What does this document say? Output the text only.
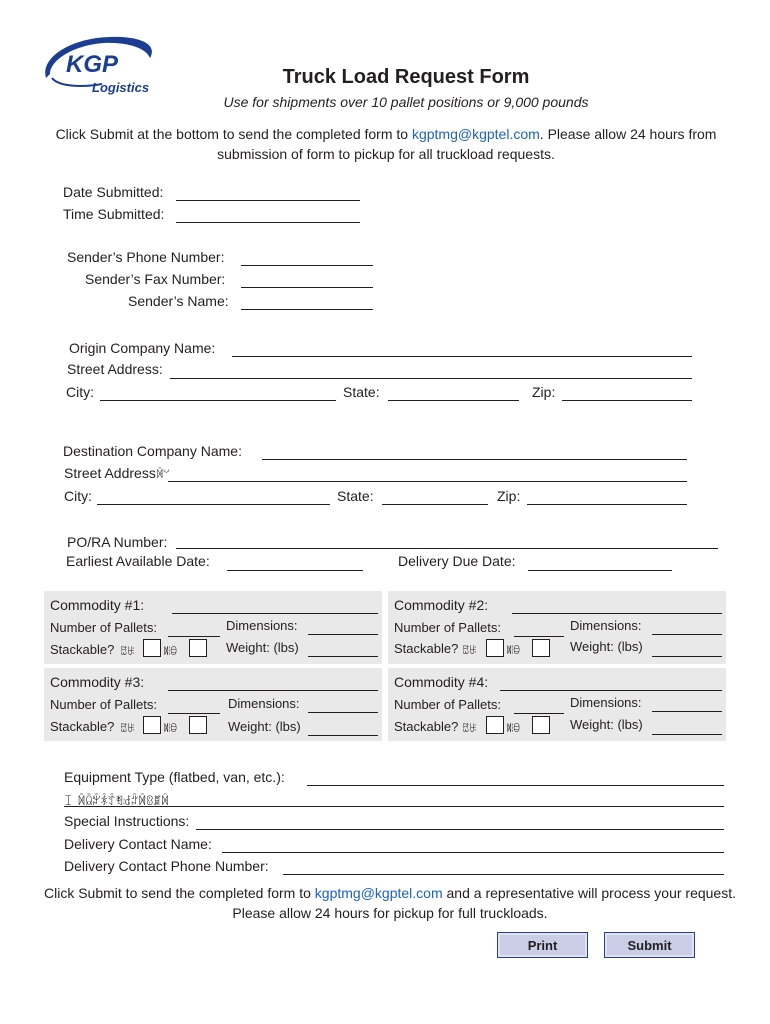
KGP
Logistics	Truck Load Request Form
Use for shipments over 10 pallet positions or 9,000 pounds
Click Submit at the bottom to send the completed form to kgptmg@kgptel.com. Please allow 24 hours from submission of form to pickup for all truckload requests.
Date Submitted:
Time Submitted:
Sender’s Phone Number:
Sender’s Fax Number:
Sender’s Name:
Origin Company Name:
Street Address:
City:	State:	Zip:
Destination Company Name:
Street Addressꁑ꒡
City:	State:	Zip:
PO/RA Number:
Earliest Available Date:	Delivery Due Date:
Commodity #1:
Number of Pallets:	Dimensions:
Stackable? ꐺꄇ	ꐻꃪ	Weight: (lbs)
Commodity #2:
Number of Pallets:	Dimensions:
Stackable? ꐺꄇ	ꐻꃪ	Weight: (lbs)
Commodity #3:
Number of Pallets:	Dimensions:
Stackable? ꐺꄇ	ꐻꃪ	Weight: (lbs)
Commodity #4:
Number of Pallets:	Dimensions:
Stackable? ꐺꄇ	ꐻꃪ	Weight: (lbs)
Equipment Type (flatbed, van, etc.):
ꀤ ꁑꆯꃟꅹꄷꄮꅽꂜꁑꐪꃑꁑ
Special Instructions:
Delivery Contact Name:
Delivery Contact Phone Number:
Click Submit to send the completed form to kgptmg@kgptel.com and a representative will process your request. Please allow 24 hours for pickup for full truckloads.
Print	Submit
